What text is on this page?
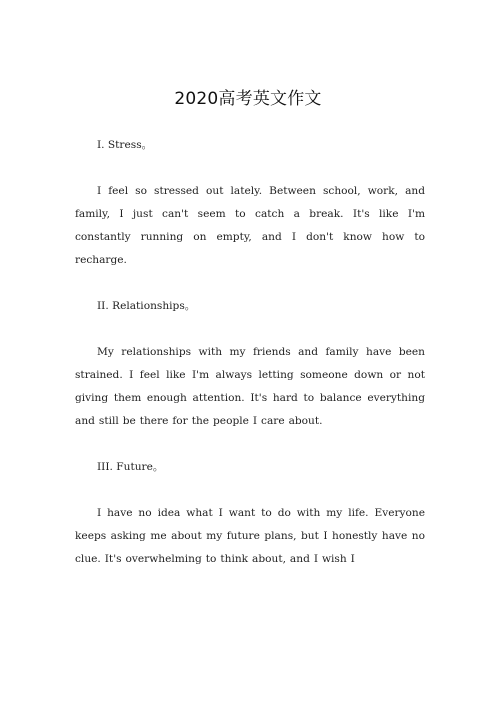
2020高考英文作文

I. Stress。

I feel so stressed out lately. Between school, work, and family, I just can't seem to catch a break. It's like I'm constantly running on empty, and I don't know how to recharge.

II. Relationships。

My relationships with my friends and family have been strained. I feel like I'm always letting someone down or not giving them enough attention. It's hard to balance everything and still be there for the people I care about.

III. Future。

I have no idea what I want to do with my life. Everyone keeps asking me about my future plans, but I honestly have no clue. It's overwhelming to think about, and I wish I
